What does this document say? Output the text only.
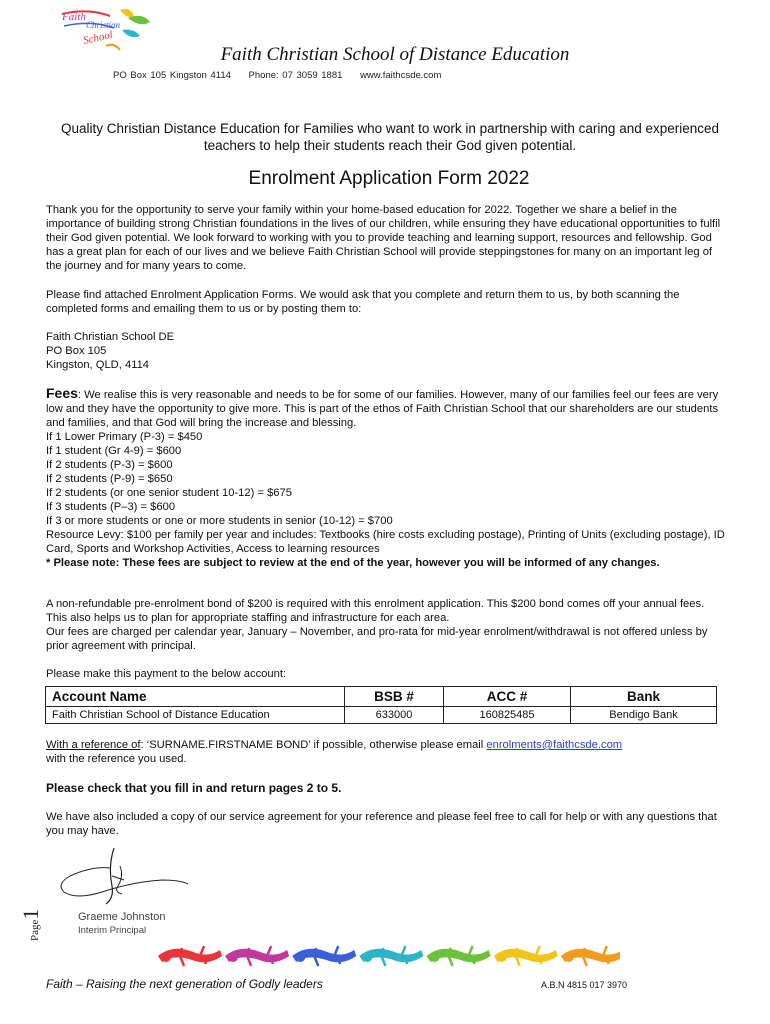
Faith
Christian
School
Faith Christian School of Distance Education
PO Box 105 Kingston 4114 Phone: 07 3059 1881 www.faithcsde.com
Quality Christian Distance Education for Families who want to work in partnership with caring and experienced teachers to help their students reach their God given potential.
Enrolment Application Form 2022

Thank you for the opportunity to serve your family within your home-based education for 2022. Together we share a belief in the importance of building strong Christian foundations in the lives of our children, while ensuring they have educational opportunities to fulfil their God given potential. We look forward to working with you to provide teaching and learning support, resources and fellowship. God has a great plan for each of our lives and we believe Faith Christian School will provide steppingstones for many on an important leg of the journey and for many years to come.

Please find attached Enrolment Application Forms. We would ask that you complete and return them to us, by both scanning the completed forms and emailing them to us or by posting them to:

Faith Christian School DE

PO Box 105

Kingston, QLD, 4114

Fees: We realise this is very reasonable and needs to be for some of our families. However, many of our families feel our fees are very low and they have the opportunity to give more. This is part of the ethos of Faith Christian School that our shareholders are our students and families, and that God will bring the increase and blessing.

If 1 Lower Primary (P-3) = $450

If 1 student (Gr 4-9) = $600

If 2 students (P-3) = $600

If 2 students (P-9) = $650

If 2 students (or one senior student 10-12) = $675

If 3 students (P–3) = $600

If 3 or more students or one or more students in senior (10-12) = $700

Resource Levy: $100 per family per year and includes: Textbooks (hire costs excluding postage), Printing of Units (excluding postage), ID Card, Sports and Workshop Activities, Access to learning resources

* Please note: These fees are subject to review at the end of the year, however you will be informed of any changes.

A non-refundable pre-enrolment bond of $200 is required with this enrolment application. This $200 bond comes off your annual fees. This also helps us to plan for appropriate staffing and infrastructure for each area.

Our fees are charged per calendar year, January – November, and pro-rata for mid-year enrolment/withdrawal is not offered unless by prior agreement with principal.

Please make this payment to the below account:
Account Name	BSB #	ACC #	Bank
Faith Christian School of Distance Education	633000	160825485	Bendigo Bank

With a reference of: ‘SURNAME.FIRSTNAME BOND’ if possible, otherwise please email enrolments@faithcsde.com

with the reference you used.

Please check that you fill in and return pages 2 to 5.
We have also included a copy of our service agreement for your reference and please feel free to call for help or with any questions that you may have.
Graeme Johnston
Interim Principal
Page1
Faith – Raising the next generation of Godly leaders	A.B.N 4815 017 3970
